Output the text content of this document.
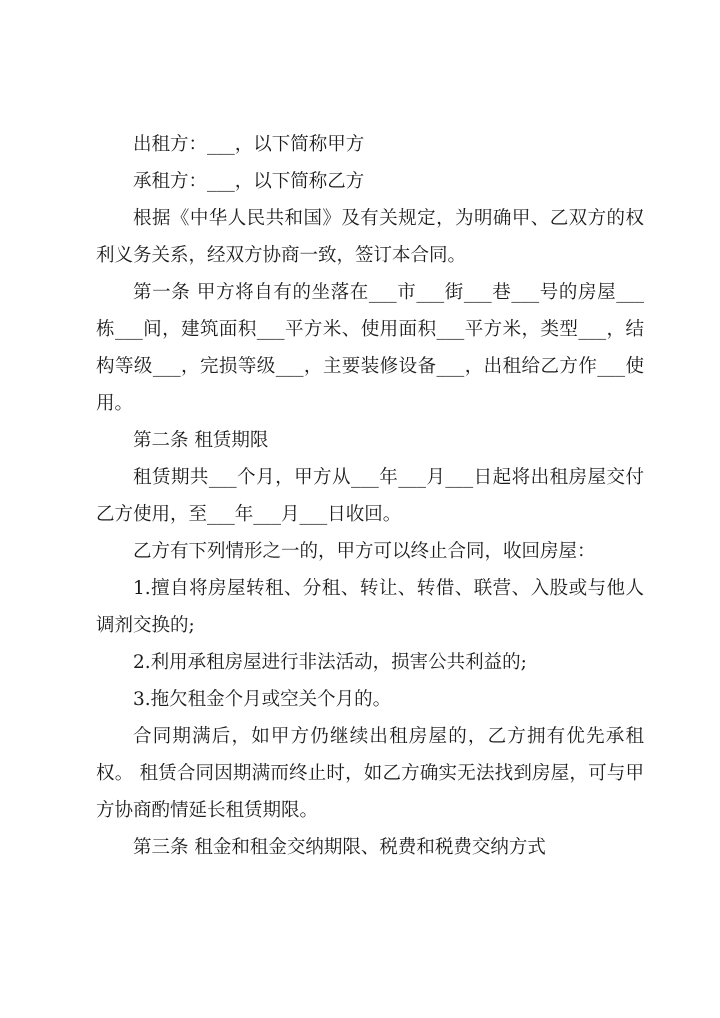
出租方：___，以下简称甲方

承租方：___，以下简称乙方

根据《中华人民共和国》及有关规定，为明确甲、乙双方的权利义务关系，经双方协商一致，签订本合同。

第一条 甲方将自有的坐落在___市___街___巷___号的房屋___栋___间，建筑面积___平方米、使用面积___平方米，类型___，结构等级___，完损等级___，主要装修设备___，出租给乙方作___使用。

第二条 租赁期限

租赁期共___个月，甲方从___年___月___日起将出租房屋交付乙方使用，至___年___月___日收回。

乙方有下列情形之一的，甲方可以终止合同，收回房屋：

1.擅自将房屋转租、分租、转让、转借、联营、入股或与他人调剂交换的;

2.利用承租房屋进行非法活动，损害公共利益的;

3.拖欠租金个月或空关个月的。

合同期满后，如甲方仍继续出租房屋的，乙方拥有优先承租权。 租赁合同因期满而终止时，如乙方确实无法找到房屋，可与甲方协商酌情延长租赁期限。

第三条 租金和租金交纳期限、税费和税费交纳方式
